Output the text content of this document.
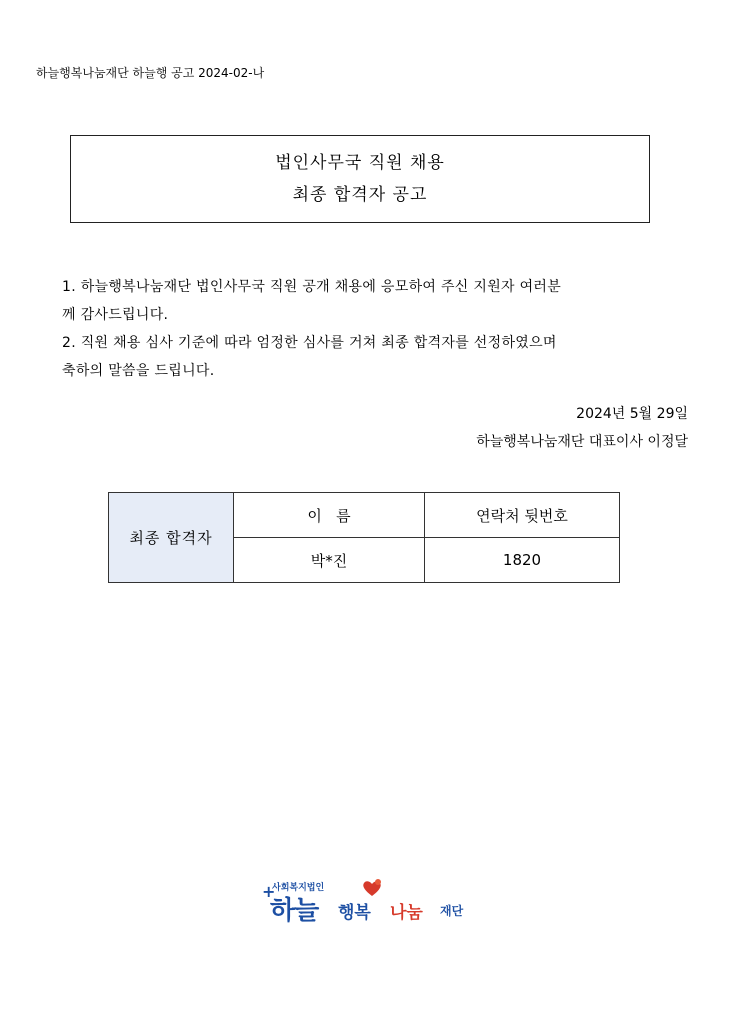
하늘행복나눔재단 하늘행 공고 2024-02-나
법인사무국 직원 채용
최종 합격자 공고

1. 하늘행복나눔재단 법인사무국 직원 공개 채용에 응모하여 주신 지원자 여러분

께 감사드립니다.

2. 직원 채용 심사 기준에 따라 엄정한 심사를 거쳐 최종 합격자를 선정하였으며

축하의 말씀을 드립니다.

2024년 5월 29일
하늘행복나눔재단 대표이사 이정달
최종 합격자	이   름	연락처 뒷번호
	박*진	1820
+
사회복지법인
하늘 행복 나눔 재단
